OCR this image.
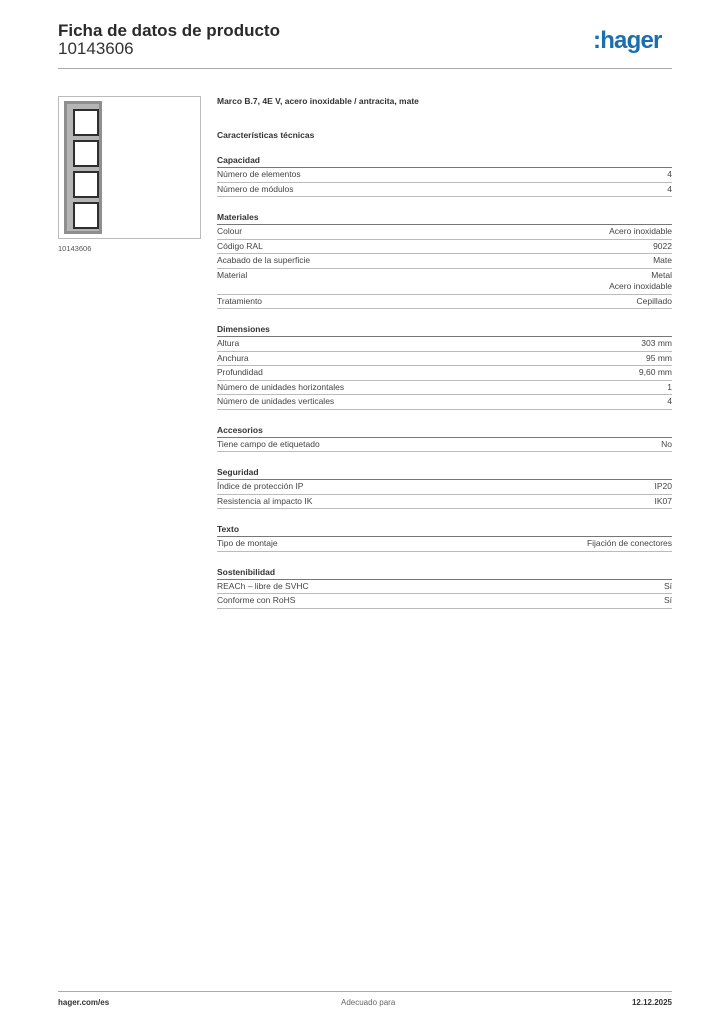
Ficha de datos de producto
10143606	:hager
10143606
Marco B.7, 4E V, acero inoxidable / antracita, mate
Características técnicas
Capacidad
Número de elementos	4
Número de módulos	4
Materiales
Colour	Acero inoxidable
Código RAL	9022
Acabado de la superficie	Mate
Material	Metal
Acero inoxidable
Tratamiento	Cepillado
Dimensiones
Altura	303 mm
Anchura	95 mm
Profundidad	9,60 mm
Número de unidades horizontales	1
Número de unidades verticales	4
Accesorios
Tiene campo de etiquetado	No
Seguridad
Índice de protección IP	IP20
Resistencia al impacto IK	IK07
Texto
Tipo de montaje	Fijación de conectores
Sostenibilidad
REACh – libre de SVHC	Sí
Conforme con RoHS	Sí
hager.com/es	Adecuado para	12.12.2025
